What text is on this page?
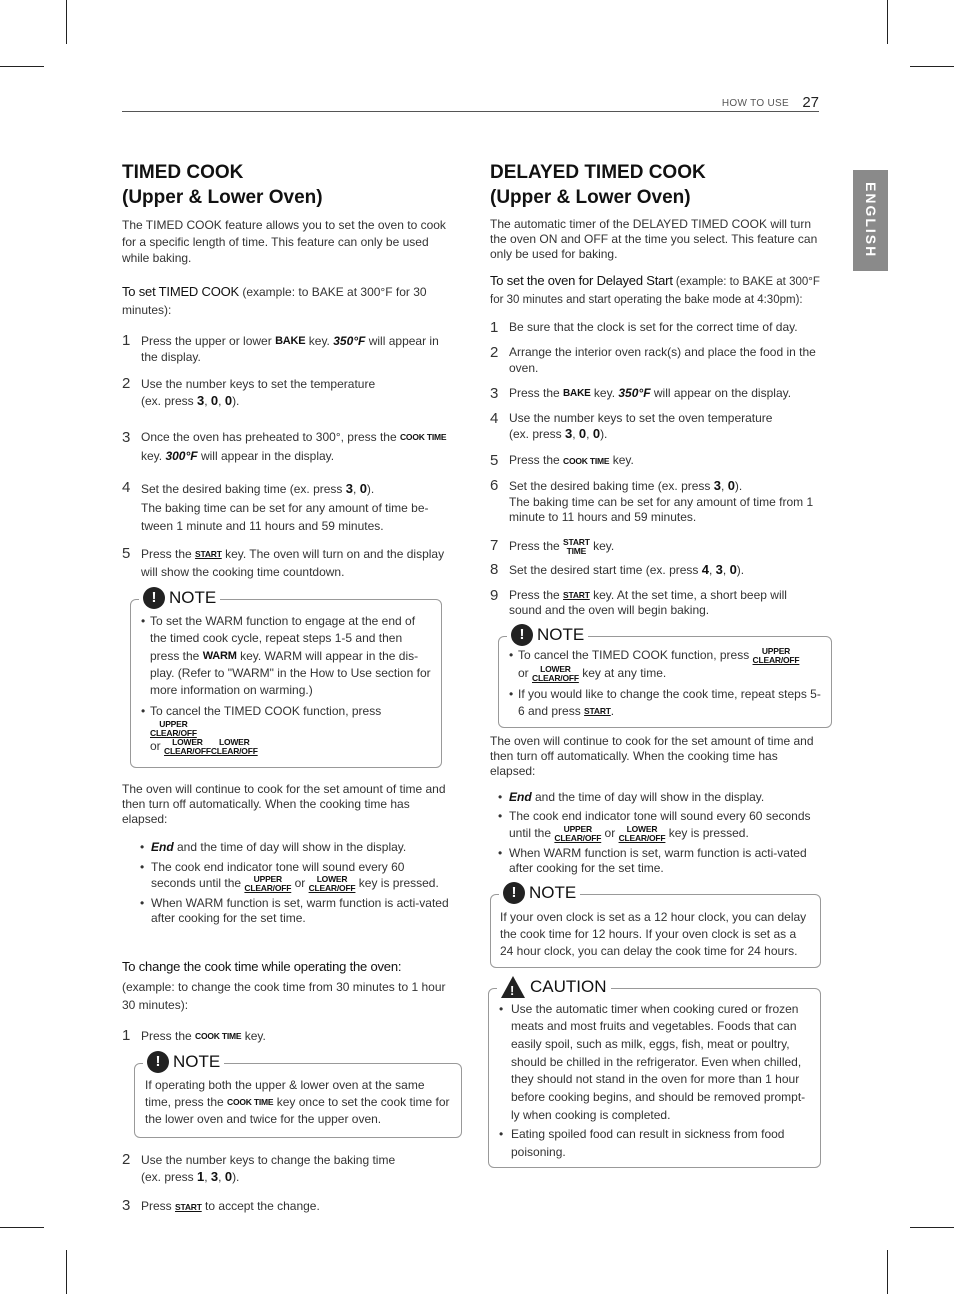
HOW TO USE 27
ENGLISH
TIMED COOK
(Upper & Lower Oven)

The TIMED COOK feature allows you to set the oven to cook for a specific length of time. This feature can only be used while baking.

To set TIMED COOK (example: to BAKE at 300°F for 30 minutes):
1 Press the upper or lower BAKE key. 350°F will appear in the display.
2 Use the number keys to set the temperature
(ex. press 3, 0, 0).
3 Once the oven has preheated to 300°, press the COOK TIME
key. 300°F will appear in the display.
4 Set the desired baking time (ex. press 3, 0).
The baking time can be set for any amount of time be-tween 1 minute and 11 hours and 59 minutes.
5 Press the START key. The oven will turn on and the display will show the cooking time countdown.
! NOTE
• To set the WARM function to engage at the end of the timed cook cycle, repeat steps 1-5 and then press the WARM key. WARM will appear in the dis-play. (Refer to "WARM" in the How to Use section for more information on warming.)
• To cancel the TIMED COOK function, press UPPER
CLEAR/OFF
or LOWER
CLEAR/OFFLOWER
CLEAR/OFF

The oven will continue to cook for the set amount of time and then turn off automatically. When the cooking time has elapsed:

• End and the time of day will show in the display.
• The cook end indicator tone will sound every 60 seconds until the UPPER
CLEAR/OFF or LOWER
CLEAR/OFF key is pressed.
• When WARM function is set, warm function is acti-vated after cooking for the set time.
To change the cook time while operating the oven:

(example: to change the cook time from 30 minutes to 1 hour 30 minutes):

1 Press the COOK TIME key.
! NOTE

If operating both the upper & lower oven at the same time, press the COOK TIME key once to set the cook time for the lower oven and twice for the upper oven.

2 Use the number keys to change the baking time
(ex. press 1, 3, 0).
3 Press START to accept the change.
DELAYED TIMED COOK
(Upper & Lower Oven)

The automatic timer of the DELAYED TIMED COOK will turn the oven ON and OFF at the time you select. This feature can only be used for baking.

To set the oven for Delayed Start (example: to BAKE at 300°F for 30 minutes and start operating the bake mode at 4:30pm):
1 Be sure that the clock is set for the correct time of day.
2 Arrange the interior oven rack(s) and place the food in the oven.
3 Press the BAKE key. 350°F will appear on the display.
4 Use the number keys to set the oven temperature
(ex. press 3, 0, 0).
5 Press the COOK TIME key.
6 Set the desired baking time (ex. press 3, 0).
The baking time can be set for any amount of time from 1 minute to 11 hours and 59 minutes.
7 Press the START
TIME key.
8 Set the desired start time (ex. press 4, 3, 0).
9 Press the START key. At the set time, a short beep will sound and the oven will begin baking.
! NOTE
• To cancel the TIMED COOK function, press UPPER
CLEAR/OFF
or LOWER
CLEAR/OFF key at any time.
• If you would like to change the cook time, repeat steps 5-6 and press START.

The oven will continue to cook for the set amount of time and then turn off automatically. When the cooking time has elapsed:

• End and the time of day will show in the display.
• The cook end indicator tone will sound every 60 seconds until the UPPER
CLEAR/OFF or LOWER
CLEAR/OFF key is pressed.
• When WARM function is set, warm function is acti-vated after cooking for the set time.
! NOTE

If your oven clock is set as a 12 hour clock, you can delay the cook time for 12 hours. If your oven clock is set as a 24 hour clock, you can delay the cook time for 24 hours.

! CAUTION
• Use the automatic timer when cooking cured or frozen meats and most fruits and vegetables. Foods that can easily spoil, such as milk, eggs, fish, meat or poultry, should be chilled in the refrigerator. Even when chilled, they should not stand in the oven for more than 1 hour before cooking begins, and should be removed prompt-ly when cooking is completed.
• Eating spoiled food can result in sickness from food poisoning.
